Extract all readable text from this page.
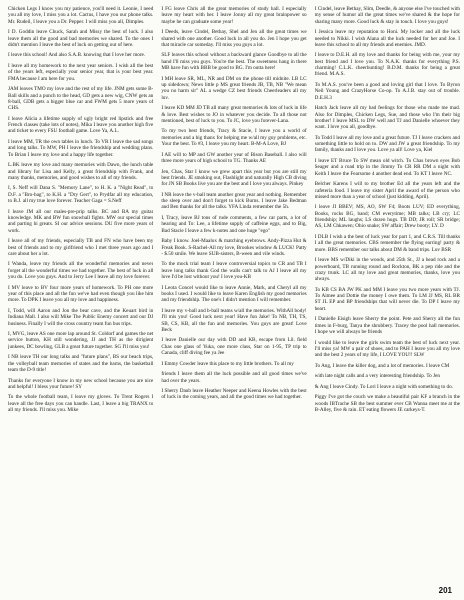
Chicken Legs I know you my patience, you'll need it. Leonie, I need you all my love, I miss you a lot. Cactus, I have you our phone talks. Mr. Rudeil, I leave you a Dr. Pepper. I will miss you all, Dimples.

I D. Goddin leave Chuck, Sarah and Missy the best of luck. I also leave them all the good and bad memories we shared. To the ones I didn't mention I leave the best of luck on getting out of here.

I leave this school! And also S.A.B. knowing that I love her more.

I leave all my homework to the next year seniors. I wish all the best of the years left, especially your senior year, that is your best year. FMA because I am here for you.

JAM leaves TMO my love and the rest of my life. JNM gets some B-Ball skills and a punch to the head, GD gets a new wig, CNW gets an 8-ball, GDB gets a bigger blue car and FWM gets 5 more years of CHS.

I leave Alicia a lifetime supply of ugly bright red lipstick and free French classes (take lots of notes), Mika I leave you another high five and ticket to every FSU football game. Love Ya, A.L.

I leave MM, TR the own tables in lunch. To VR I leave the sad songs and long talks. To MW, PH I leave the friendship and wedding plans. To Brian I leave my love and a happy life together.

L.BK leave my love and many memories with Dawn, the lunch table and library for Lisa and Kelly, a great friendship with Frank, and many thanks, memories, and good wishes to all of my friends.

I, S. Neff will Dana S. "Memory Lane", to H. K. a "Night Read", to D.F. a "Bro-bag", to K.H. a "Dry Gert", to Prydfar all my education, to B.J. all my true love forever. Teacher Gaga = S.Neff

I leave JM all our males-pre-prip talks. BC and BA my guitar knowledge. MK and BW fun snowball fights. MW our special times and parting hi greats. SI our advice sessions. DU five more years of work.

I leave all of my friends, especially TB and FN who have been my best of friends and to my girlfriend who I met three years ago and I care about her a lot.

I Wanda, leave my friends all the wonderful memories and never forget all the wonderful times we had together. The best of luck in all you do. Love you guys. And to Jerry Lee I leave all my love forever.

I MV leave to BV four more years of homework. To PH one more year of this place and all the fun we've had even though you like him more. To DPK I leave you all my love and happiness.

I, Todd, will Aaron and Jon the bear cave, and the Keuart bird in Indiana Mall. I also will Mike The Public Enemy concert and our DJ business. Finally I will the cross country team fun bus trips.

I, MVG, leave AS one more lap around St. Coldorf and games the net service button, KH still wondering, JJ and TH as the dirigient junkees, DC bowling, GLB a great future together. SG I'll miss you!

I NB leave TH our long talks and "future plans", BS our beach trips, the volleyball team memories of states and the barns, the basketball team the D-9 title!

Thanks for everyone I know in my new school because you are nice and helpful! I bless your future! SY

To the whole football team, I leave my gloves. To Trent Rogers I leave all the free days you can handle. Last, I leave a big TRANX to all my friends. I'll miss you. Mike

I FG leave Chris all the great memories of study hall. I especially leave my heart with her. I leave Jonny all my great brainpower so maybe he can graduate some year!

I Deeds, leave Cindel, Bethay, Shel and Jen all the great times we shared with one another. Good luck in all you do. Jen I hope you get that miracle car someday. I'll miss you guys a lot.

SLF leaves this school without a backward glance Goodbye to all the hand I'll miss you guys. You're the best. The sweetness hang in there MB have fun with BBB be good to BG. I'm outta here!

I MH leave SR, ML, NR and DM on the phone till midnite. LB LC up sidedown; News little p MS great friends JB, TB, NB "We mean you no harm sir" AL a wedge CZ best friends Cheerleaders all my luv.

I leave KD MM JD TB all many great memories & lots of luck in life & love. Best wishes to JO in whatever you decide. To all those not mentioned, best of luck to you. To JC, love you forever-Lana.

To my two best friends, Tracy & Stacie, I leave you a world of memories and a big thanx for helping me w/all my guy problems, etc. Your the best. To #3, I leave you my heart. B-M-A Love, BJ

I AE will to MP and GW another year of Bison Baseball. I also will three more years of high school to TG. Thanks AE

Jen, Chas, Star I know we grew apart this year but you are still my best friends. JE smoking out, Flashlight and naturally High CB diving for JN SB Books live you are the best and I love you always. Pinkey

I NR leave the v-ball team another great year and nothing. Remember the sleep over and don't forget to kick Burns. I leave Jake Bedman and Ben thanks for all the talks. YFA Linda remember the 5h.

I, Tracy, leave BJ tons of rude comments, a few car parts, a lot of hearing and To: Lee, a lifetime supply of caffeine eggs, and to Big, Bad Stacie I leave a few k-notes and one huge "ego"

Baby I know. Joel-Maalox & matching eyebrows. Andy-Pizza Hut & Freak Book. S-Rachel-All my love, Brookes window & LUCK! Patty - $.50 smile. We leave SUB-sisters, B-ween and vile winds.

To the mock trial team I leave controversial topics to CR and TB I leave long talks thank God the walls can't talk to AJ I leave all my love I'd be lost without you! I love you-KB

I Leota Concel would like to leave Annie, Mark, and Cheryl all my books I used. I would like to leave Karen English my good memories and my friendship. The one's I didn't mention I will remember.

I leave my v-ball and b-ball teams w/all the memories. WithAll body! I'll mis you! Good luck next year! Have fun Jake! To NB, TH, TS, SB, CS, KB, all the fun and memories. You guys are great! Love Beck

I leave Danielle our day with DD and KB, escape from Lil. field Chas one glass of Yuka, one more class, Star on 1-95, TP trip to Canada, cliff diving fee ya Jee

I Emmy Cowder leave this place to my little brothers. To all my

friends I leave them all the luck possible and all good times we've had over the years.

I Sherry Daub leave Heather Neeper and Keena Howles with the best of luck in the coming years, and all the good times we had together.

I Cindel, leave Bethay, Slim, Deedle, & anyone else I've touched with my sense of humor all the great times we've shared & the hope for sharing many more. Good luck & stay in touch. I love you guys!

I Jessica leave my reputation to Honi. My locker and all the luck needed to Nikki. I wish Alana all the luck needed for her and Joe. I leave this school to all my friends and enemies. JMD.

I leave to D.E.H. all my love and thanks for being with me, your my best friend and I love you. To N.A.K. thanks for everything P.S. charming! C.L.K. cheerhunting! B.D.M. thanks for being a great friend. M.A.S.

To M.A.S. you've been a good and loving girl that I love. To Byron Neil Young and CrazyHorse Co-op. To A.J.B. stay out of trouble. D.E.H.3

Hatch Jack leave all my bad feelings for those who made me mad. Also for Dimples, Chicken Legs, Sue, and those who I'm their big brother! I leave MSL to DW well and TJ and Danielle whoever they want. I love you all, goodbye.

To Todd I leave all my love and a great future. TJ I leave crackers and something little to hold on to. DW and JW a great friendship. To my family, thanks and I love you. Love ya all! Love ya, Kiel

I leave ET Bruce To SW mean old witch. To Chas brown eyes Bob Seager and a road trip in the Jimmy To CR RR DM a night with Keith I leave the Fearsome 4 another dead end. To KT I leave NC.

Belcher Karens I will to my brother Ed all the years left and the cafeteria food. I leave my sister April the award of the person who missed more than a year of school (just kidding, April).

I leave JI BBEV; MS, AO, SW F4; Boots LUV; ED everything, Books, rocks BG, band; CM everytime; MB talks; LB cry; LC friendship; ML laughs; LS dozen hugs. TB DD; JR roll; SR bridge; AS, LM Chkawen; Ohio snake; SW affair; Drew booty; LY. D

I DLB I wish a the best of luck year for part 1, and C.R.S. Till thanks I all the great memories. CBS remember the flying earring! party & more. BBS remember our talks about DM & band trips. Luv BSR

I leave MS w/Diki in the woods, and 25th St., JJ a head rock and a powerboard, TB running round and Rockton, BK a pep ride and the crazy trunk. LC all my love and great memories, thanks, love you always.

To KB CS BA JW PK and MM I leave you two more years with TJ. To Aimee and Dottie the money I owe them. To LM JJ MS, RL BR ST JL EP and BP friendships that will never die. To DP I leave my heart.

I Danielle Eisigh leave Sherry the point. Pete and Sherry all the fun times in F-burg, Tanya the shrubbery. Tracey the pool hall memories. I hope we will always be friends

I would like to leave the girls swim team the best of luck next year. I'll miss ya! MW a pair of shoes, and to PAH I leave you all my love and the best 2 years of my life, I LOVE YOU!! SLW

To Ang, I leave the killer dog, and a lot of memories. I leave CM

with late night calls and a very interesting friendship. To Jen

& Ang I leave Cindy. To Lori I leave a night with something to do.

Piggy I've got the couch we make a beautiful pair KF a branch in the woods IBTrache SB the best summer ever CB Wanna meet me at the B-Alley, five & rain. ET eating flowers JE carkeys-T.

201
